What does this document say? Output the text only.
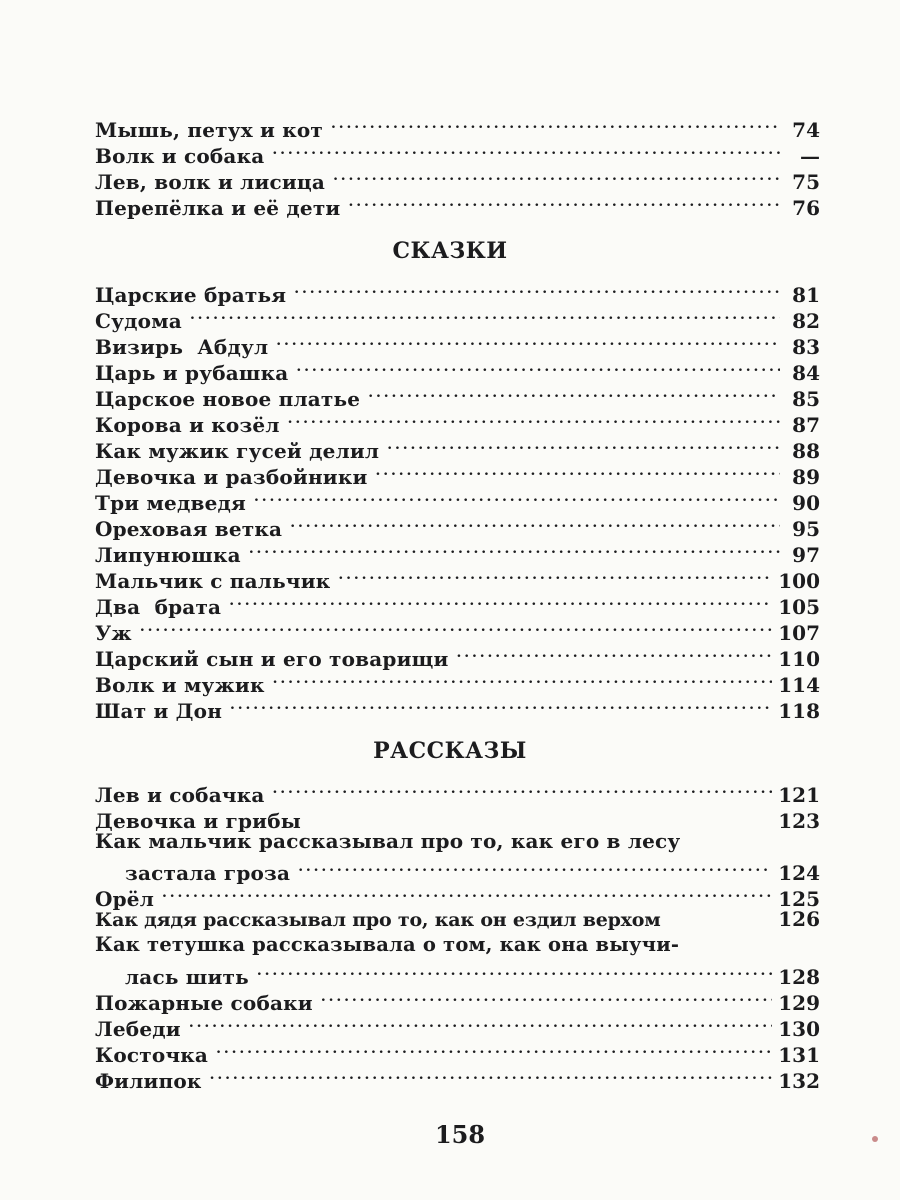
Мышь, петух и кот . . .	74
Волк и собака . . .	—
Лев, волк и лисица . . .	75
Перепёлка и её дети . . .	76
СКАЗКИ
Царские братья . . .	81
Судома . . .	82
Визирь  Абдул . . .	83
Царь и рубашка . . .	84
Царское новое платье . . .	85
Корова и козёл . . .	87
Как мужик гусей делил . . .	88
Девочка и разбойники . . .	89
Три медведя . . .	90
Ореховая ветка . . .	95
Липунюшка . . .	97
Мальчик с пальчик . . .	100
Два  брата . . .	105
Уж . . .	107
Царский сын и его товарищи . . .	110
Волк и мужик . . .	114
Шат и Дон . . .	118
РАССКАЗЫ
Лев и собачка . . .	121
Девочка и грибы	123
Как мальчик рассказывал про то, как его в лесу
застала гроза . . .	124
Орёл . . .	125
Как дядя рассказывал про то, как он ездил верхом	126
Как тетушка рассказывала о том, как она выучи-
лась шить . . .	128
Пожарные собаки . . .	129
Лебеди . . .	130
Косточка . . .	131
Филипок . . .	132
158
